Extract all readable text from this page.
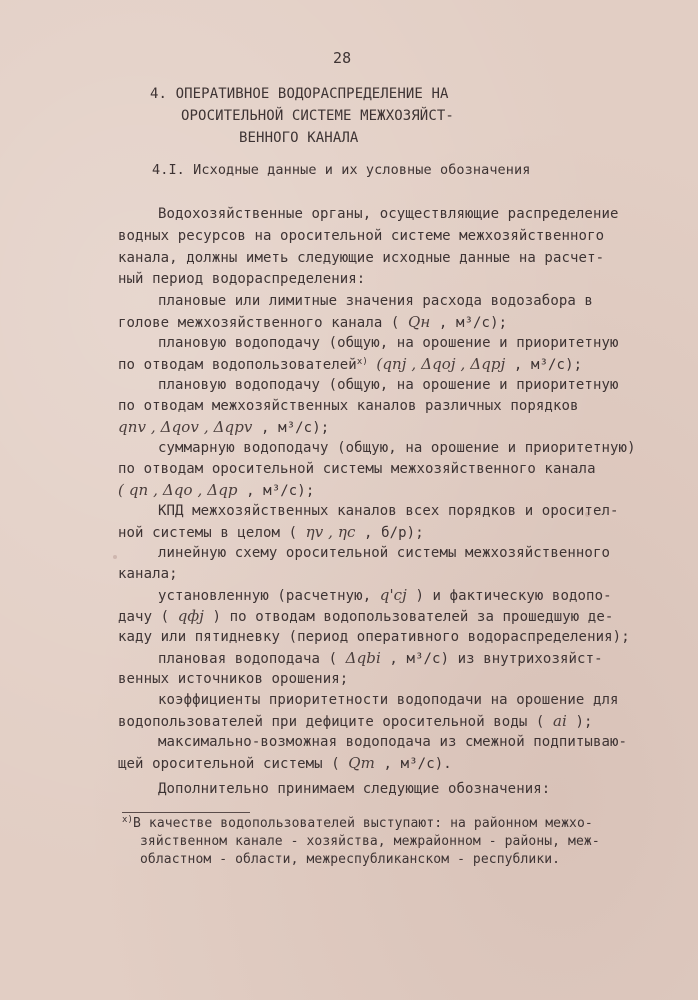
28
4. ОПЕРАТИВНОЕ ВОДОРАСПРЕДЕЛЕНИЕ НА
ОРОСИТЕЛЬНОЙ СИСТЕМЕ МЕЖХОЗЯЙСТ-
ВЕННОГО КАНАЛА
4.I. Исходные данные и их условные обозначения
Водохозяйственные органы, осуществляющие распределение
водных ресурсов на оросительной системе межхозяйственного
канала, должны иметь следующие исходные данные на расчет-
ный период водораспределения:
плановые или лимитные значения расхода водозабора в
голове межхозяйственного канала ( Qн , м³/с);
плановую водоподачу (общую, на орошение и приоритетную
по отводам водопользователей$^{x)}$ (qnj , Δqoj , Δqpj , м³/с);
плановую водоподачу (общую, на орошение и приоритетную
по отводам межхозяйственных каналов различных порядков
qnv , Δqov , Δqpv , м³/с);
суммарную водоподачу (общую, на орошение и приоритетную)
по отводам оросительной системы межхозяйственного канала
( qn , Δqo , Δqp , м³/с);
КПД межхозяйственных каналов всех порядков и оросител-
ной системы в целом ( ηv , ηc , б/р);
линейную схему оросительной системы межхозяйственного
канала;
установленную (расчетную, q'сj ) и фактическую водопо-
дачу ( qфj ) по отводам водопользователей за прошедшую де-
каду или пятидневку (период оперативного водораспределения);
плановая водоподача ( Δqbi , м³/с) из внутрихозяйст-
венных источников орошения;
коэффициенты приоритетности водоподачи на орошение для
водопользователей при дефиците оросительной воды ( ai );
максимально-возможная водоподача из смежной подпитываю-
щей оросительной системы ( Qm , м³/с).
Дополнительно принимаем следующие обозначения:
$^{x)}$В качестве водопользователей выступают: на районном межхо-
зяйственном канале - хозяйства, межрайонном - районы, меж-
областном - области, межреспубликанском - республики.
